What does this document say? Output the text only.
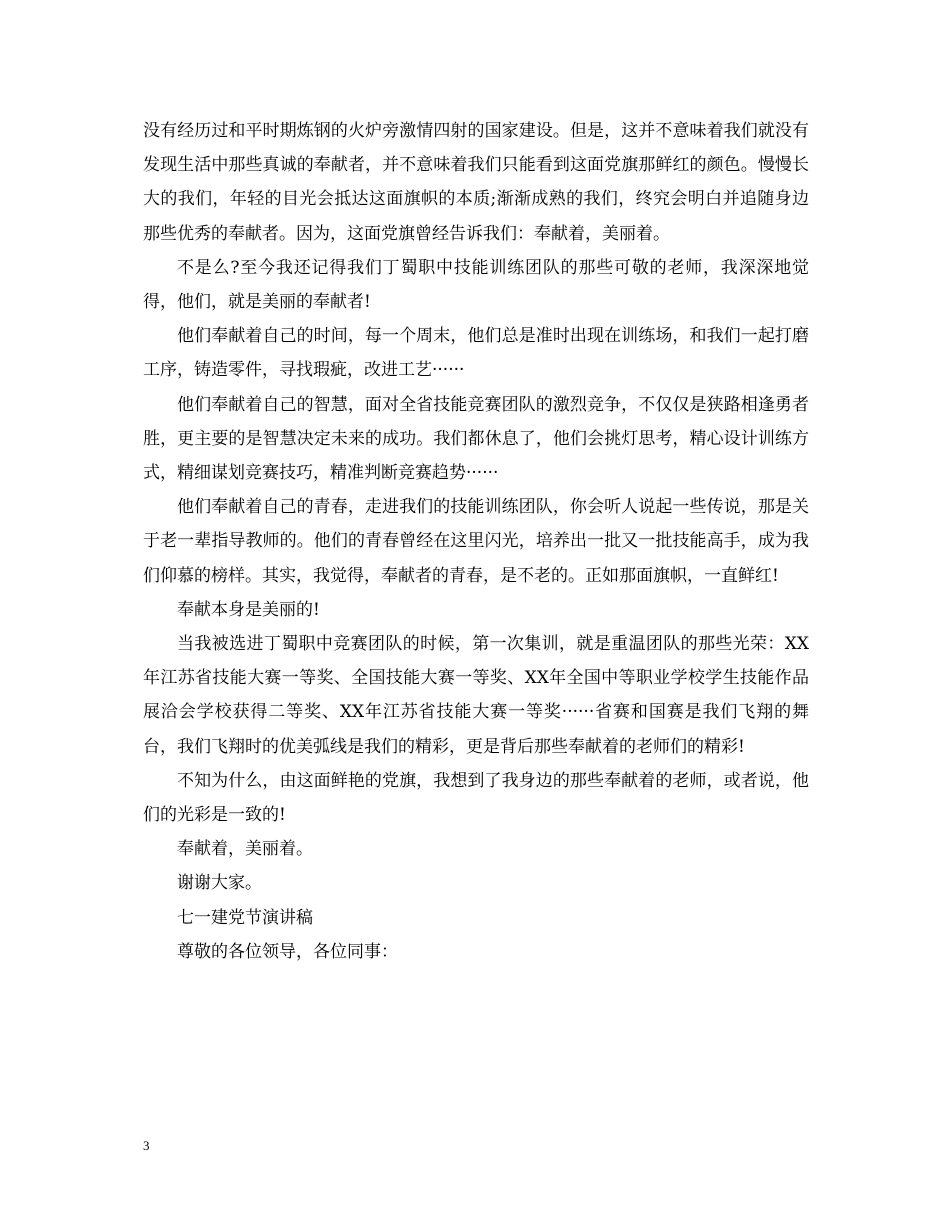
没有经历过和平时期炼钢的火炉旁激情四射的国家建设。但是，这并不意味着我们就没有发现生活中那些真诚的奉献者，并不意味着我们只能看到这面党旗那鲜红的颜色。慢慢长大的我们，年轻的目光会抵达这面旗帜的本质;渐渐成熟的我们，终究会明白并追随身边那些优秀的奉献者。因为，这面党旗曾经告诉我们：奉献着，美丽着。

不是么?至今我还记得我们丁蜀职中技能训练团队的那些可敬的老师，我深深地觉得，他们，就是美丽的奉献者!

他们奉献着自己的时间，每一个周末，他们总是准时出现在训练场，和我们一起打磨工序，铸造零件，寻找瑕疵，改进工艺······

他们奉献着自己的智慧，面对全省技能竞赛团队的激烈竞争，不仅仅是狭路相逢勇者胜，更主要的是智慧决定未来的成功。我们都休息了，他们会挑灯思考，精心设计训练方式，精细谋划竞赛技巧，精准判断竞赛趋势······

他们奉献着自己的青春，走进我们的技能训练团队，你会听人说起一些传说，那是关于老一辈指导教师的。他们的青春曾经在这里闪光，培养出一批又一批技能高手，成为我们仰慕的榜样。其实，我觉得，奉献者的青春，是不老的。正如那面旗帜，一直鲜红!

奉献本身是美丽的!

当我被选进丁蜀职中竞赛团队的时候，第一次集训，就是重温团队的那些光荣：XX年江苏省技能大赛一等奖、全国技能大赛一等奖、XX年全国中等职业学校学生技能作品展洽会学校获得二等奖、XX年江苏省技能大赛一等奖······省赛和国赛是我们飞翔的舞台，我们飞翔时的优美弧线是我们的精彩，更是背后那些奉献着的老师们的精彩!

不知为什么，由这面鲜艳的党旗，我想到了我身边的那些奉献着的老师，或者说，他们的光彩是一致的!

奉献着，美丽着。

谢谢大家。

七一建党节演讲稿

尊敬的各位领导，各位同事：

3
